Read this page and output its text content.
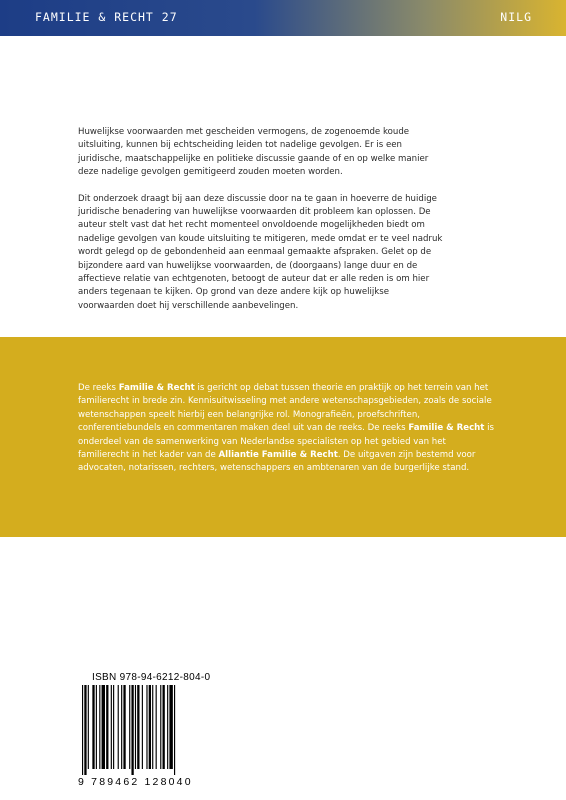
FAMILIE & RECHT 27	NILG

Huwelijkse voorwaarden met gescheiden vermogens, de zogenoemde koude uitsluiting, kunnen bij echtscheiding leiden tot nadelige gevolgen. Er is een juridische, maatschappelijke en politieke discussie gaande of en op welke manier deze nadelige gevolgen gemitigeerd zouden moeten worden.

Dit onderzoek draagt bij aan deze discussie door na te gaan in hoeverre de huidige juridische benadering van huwelijkse voorwaarden dit probleem kan oplossen. De auteur stelt vast dat het recht momenteel onvoldoende mogelijkheden biedt om nadelige gevolgen van koude uitsluiting te mitigeren, mede omdat er te veel nadruk wordt gelegd op de gebondenheid aan eenmaal gemaakte afspraken. Gelet op de bijzondere aard van huwelijkse voorwaarden, de (doorgaans) lange duur en de affectieve relatie van echtgenoten, betoogt de auteur dat er alle reden is om hier anders tegenaan te kijken. Op grond van deze andere kijk op huwelijkse voorwaarden doet hij verschillende aanbevelingen.

De reeks Familie & Recht is gericht op debat tussen theorie en praktijk op het terrein van het familierecht in brede zin. Kennisuitwisseling met andere wetenschapsgebieden, zoals de sociale wetenschappen speelt hierbij een belangrijke rol. Monografieën, proefschriften, conferentiebundels en commentaren maken deel uit van de reeks. De reeks Familie & Recht is onderdeel van de samenwerking van Nederlandse specialisten op het gebied van het familierecht in het kader van de Alliantie Familie & Recht. De uitgaven zijn bestemd voor advocaten, notarissen, rechters, wetenschappers en ambtenaren van de burgerlijke stand.

ISBN 978-94-6212-804-0
9 789462 128040
